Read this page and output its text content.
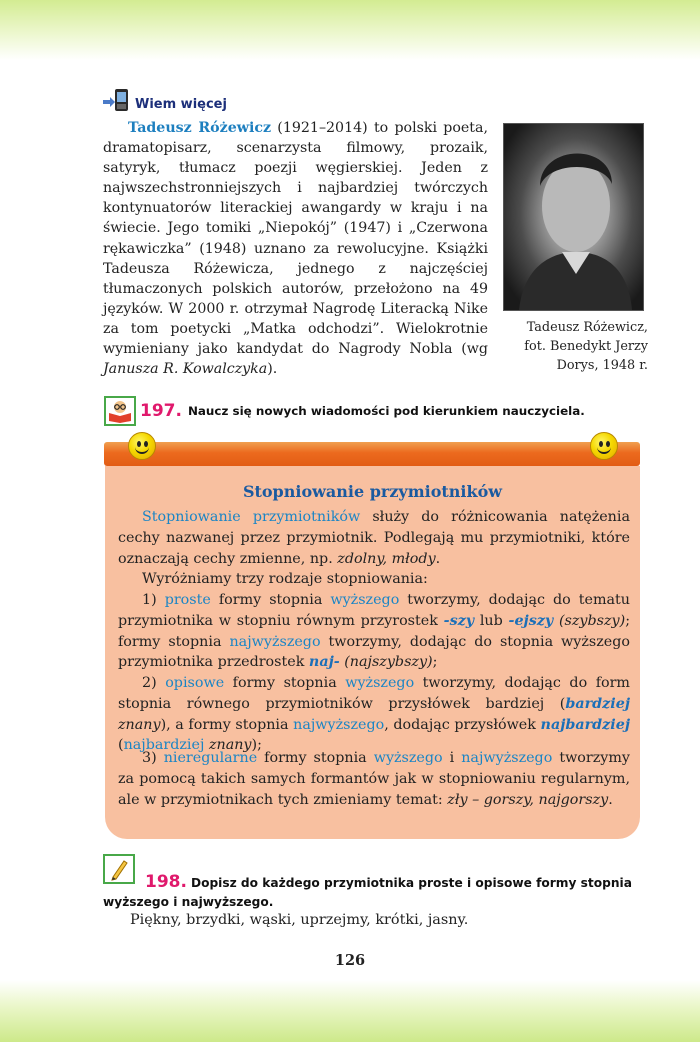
Wiem więcej

Tadeusz Różewicz (1921–2014) to polski poeta, dramatopisarz, scenarzysta filmowy, prozaik, satyryk, tłumacz poezji węgierskiej. Jeden z najwszechstronniejszych i najbardziej twórczych kontynuatorów literackiej awangardy w kraju i na świecie. Jego tomiki „Niepokój” (1947) i „Czerwona rękawiczka” (1948) uznano za rewolucyjne. Książki Tadeusza Różewicza, jednego z najczęściej tłumaczonych polskich autorów, przełożono na 49 języków. W 2000 r. otrzymał Nagrodę Literacką Nike za tom poetycki „Matka odchodzi”. Wielokrotnie wymieniany jako kandydat do Nagrody Nobla (wg Janusza R. Kowalczyka).

Tadeusz Różewicz,
fot. Benedykt Jerzy
Dorys, 1948 r.
197. Naucz się nowych wiadomości pod kierunkiem nauczyciela.
Stopniowanie przymiotników

Stopniowanie przymiotników służy do różnicowania natężenia cechy nazwanej przez przymiotnik. Podlegają mu przymiotniki, które oznaczają cechy zmienne, np. zdolny, młody.

Wyróżniamy trzy rodzaje stopniowania:

1) proste formy stopnia wyższego tworzymy, dodając do tematu przymiotnika w stopniu równym przyrostek -szy lub -ejszy (szybszy); formy stopnia najwyższego tworzymy, dodając do stopnia wyższego przymiotnika przedrostek naj- (najszybszy);

2) opisowe formy stopnia wyższego tworzymy, dodając do form stopnia równego przymiotników przysłówek bardziej (bardziej znany), a formy stopnia najwyższego, dodając przysłówek najbardziej (najbardziej znany);

3) nieregularne formy stopnia wyższego i najwyższego tworzymy za pomocą takich samych formantów jak w stopniowaniu regularnym, ale w przymiotnikach tych zmieniamy temat: zły – gorszy, najgorszy.

198. Dopisz do każdego przymiotnika proste i opisowe formy stopnia wyższego i najwyższego.

Piękny, brzydki, wąski, uprzejmy, krótki, jasny.

126
